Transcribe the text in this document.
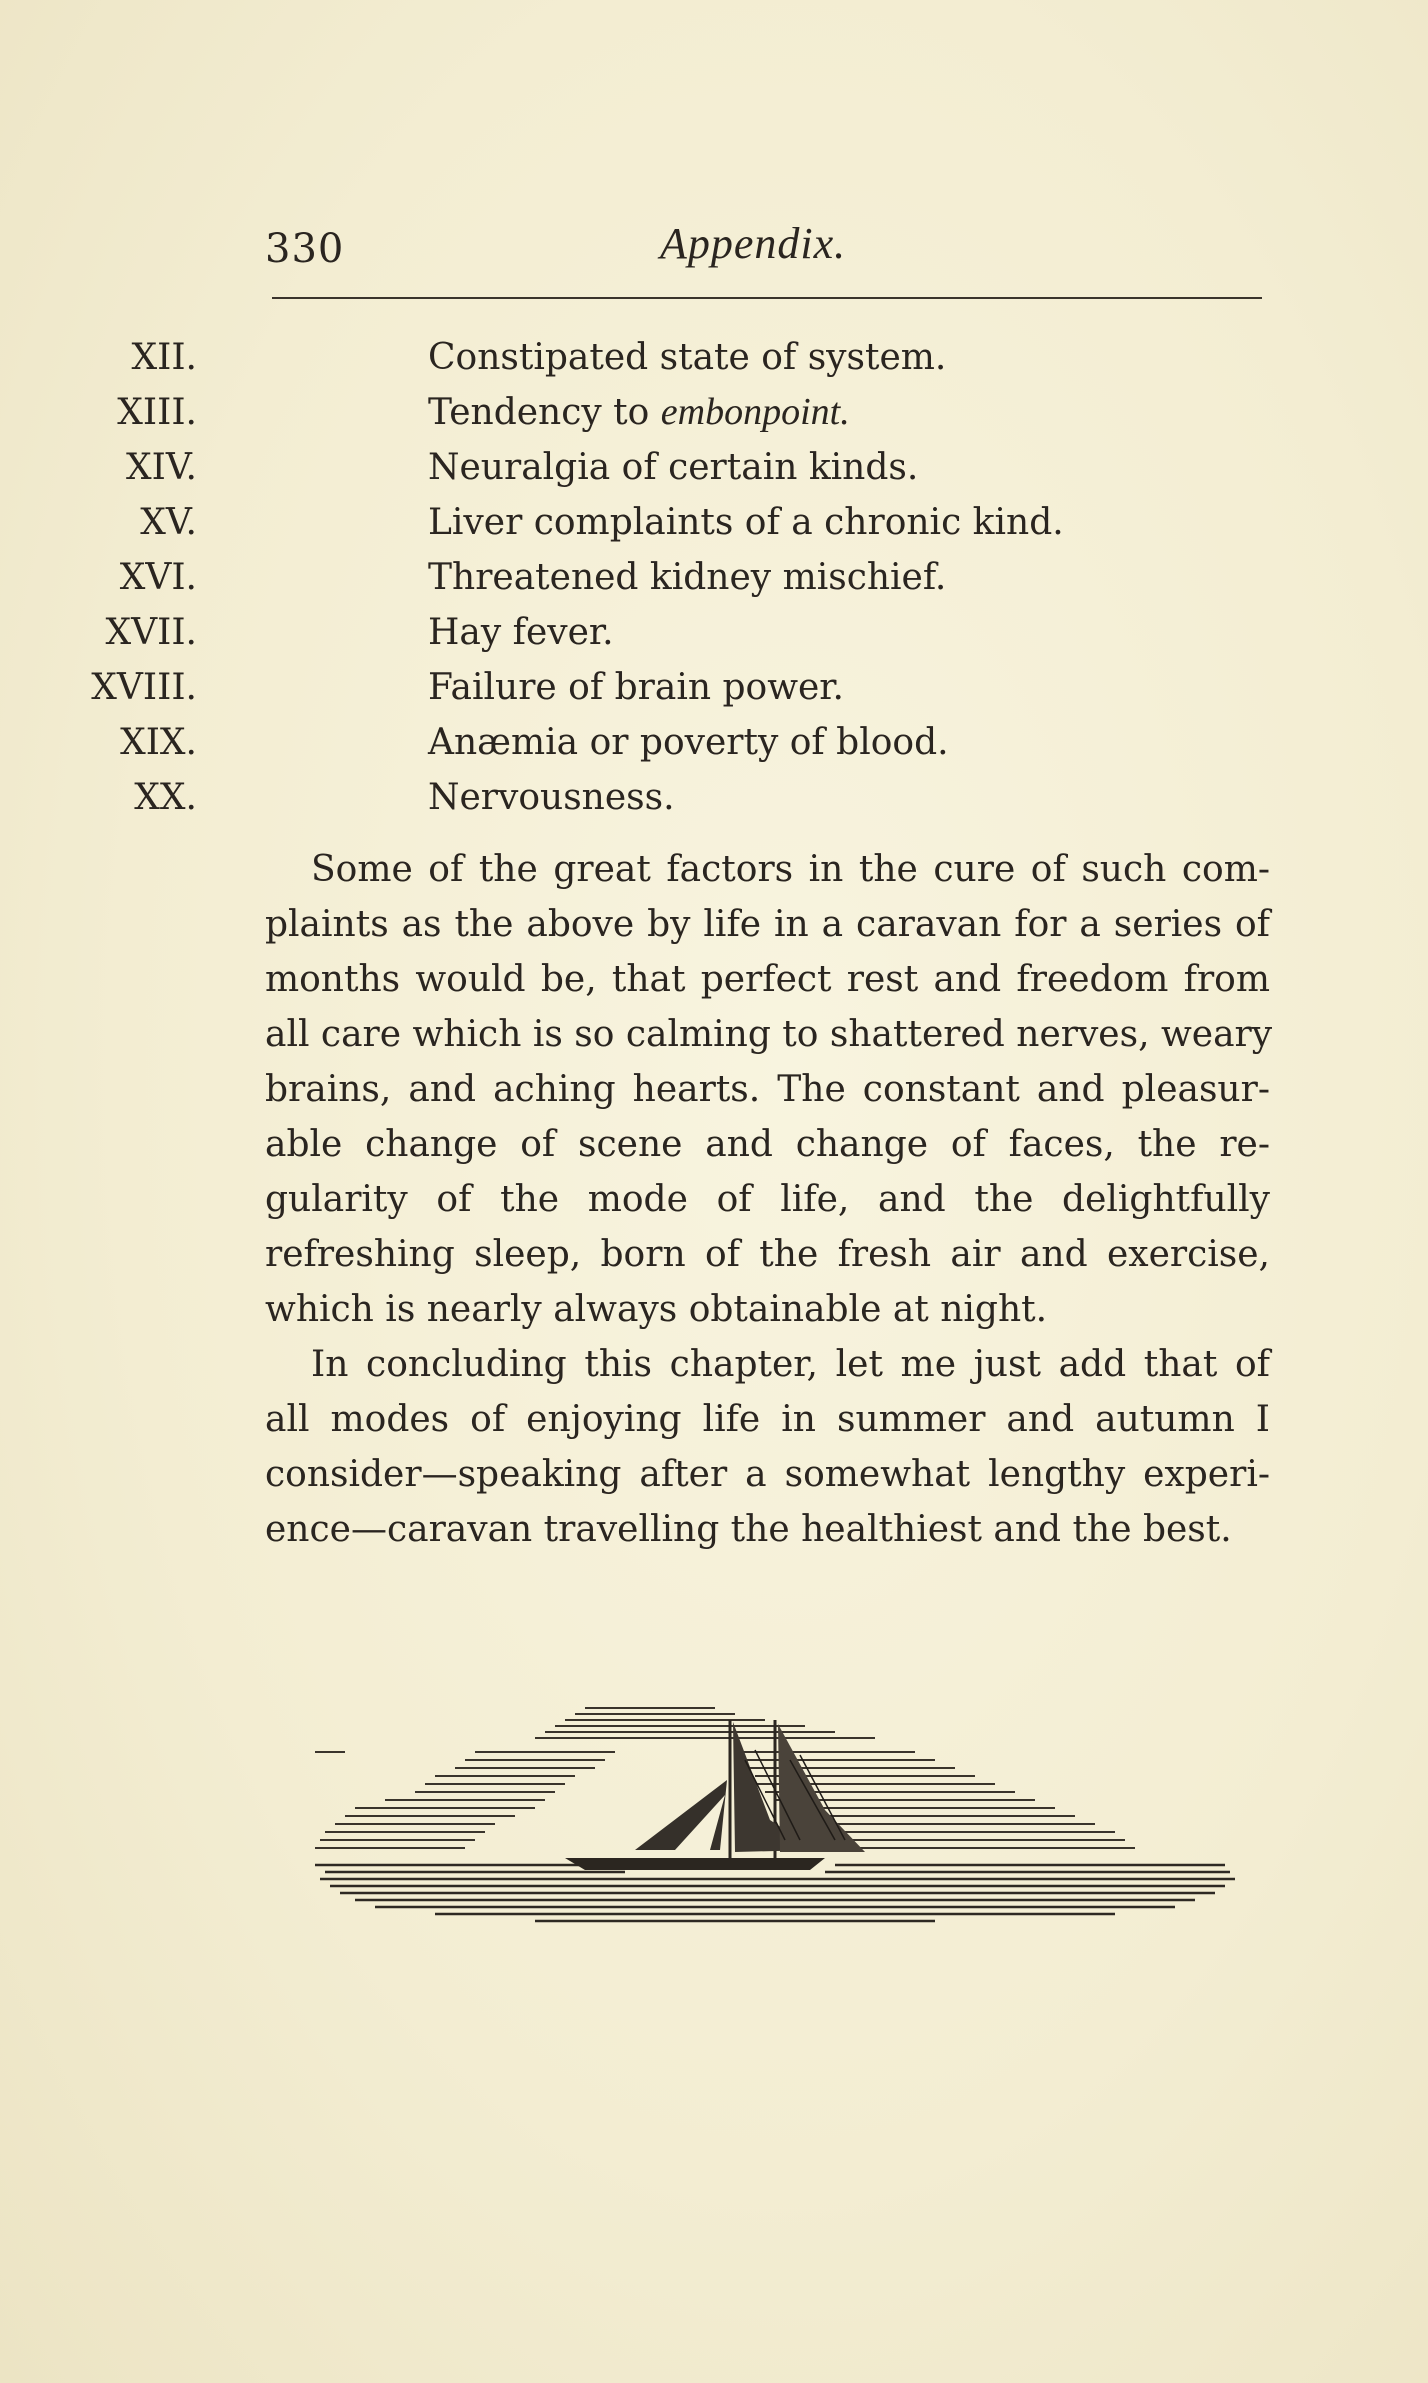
330	Appendix.
XII.	Constipated state of system.
XIII.	Tendency to embonpoint.
XIV.	Neuralgia of certain kinds.
XV.	Liver complaints of a chronic kind.
XVI.	Threatened kidney mischief.
XVII.	Hay fever.
XVIII.	Failure of brain power.
XIX.	Anæmia or poverty of blood.
XX.	Nervousness.
Some of the great factors in the cure of such com-
plaints as the above by life in a caravan for a series of
months would be, that perfect rest and freedom from
all care which is so calming to shattered nerves, weary
brains, and aching hearts. The constant and pleasur-
able change of scene and change of faces, the re-
gularity of the mode of life, and the delightfully
refreshing sleep, born of the fresh air and exercise,
which is nearly always obtainable at night.
In concluding this chapter, let me just add that of
all modes of enjoying life in summer and autumn I
consider—speaking after a somewhat lengthy experi-
ence—caravan travelling the healthiest and the best.
